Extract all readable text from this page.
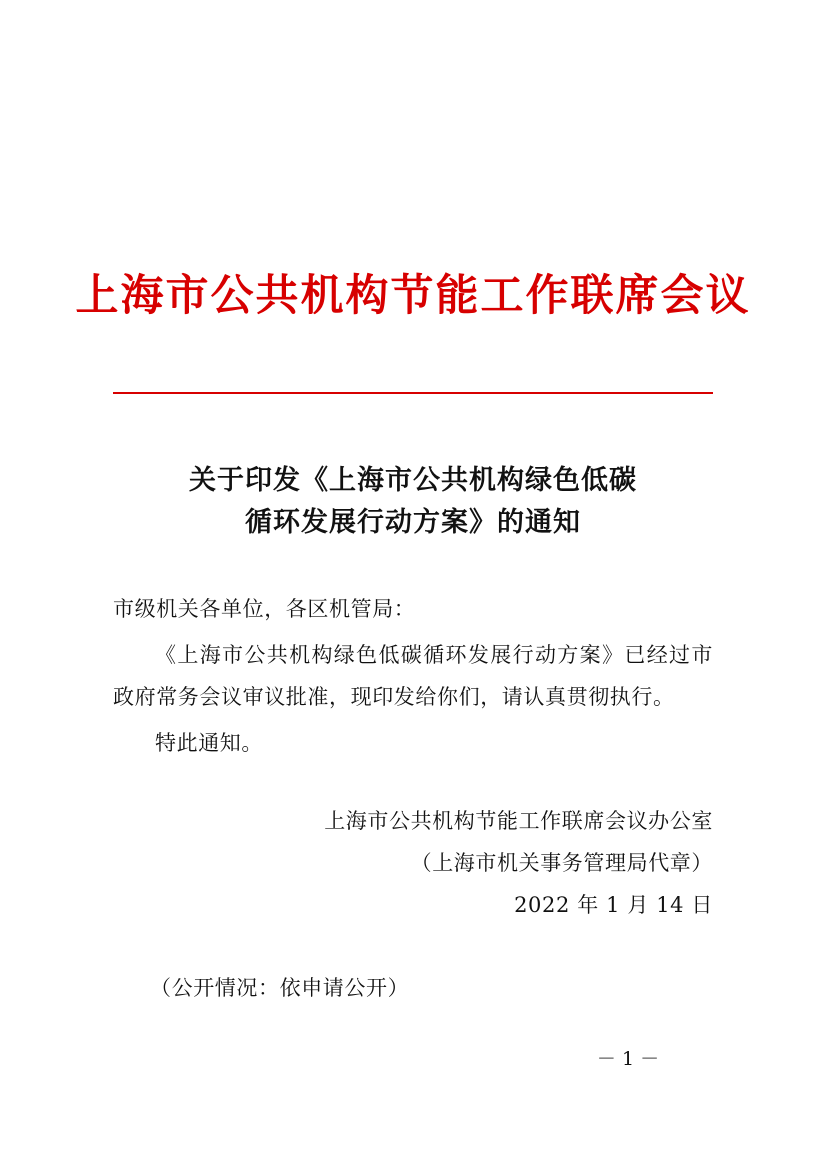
上海市公共机构节能工作联席会议
关于印发《上海市公共机构绿色低碳
循环发展行动方案》的通知

市级机关各单位，各区机管局：

《上海市公共机构绿色低碳循环发展行动方案》已经过市政府常务会议审议批准，现印发给你们，请认真贯彻执行。

特此通知。

上海市公共机构节能工作联席会议办公室
（上海市机关事务管理局代章）
2022 年 1 月 14 日
（公开情况：依申请公开）
－ 1 －
